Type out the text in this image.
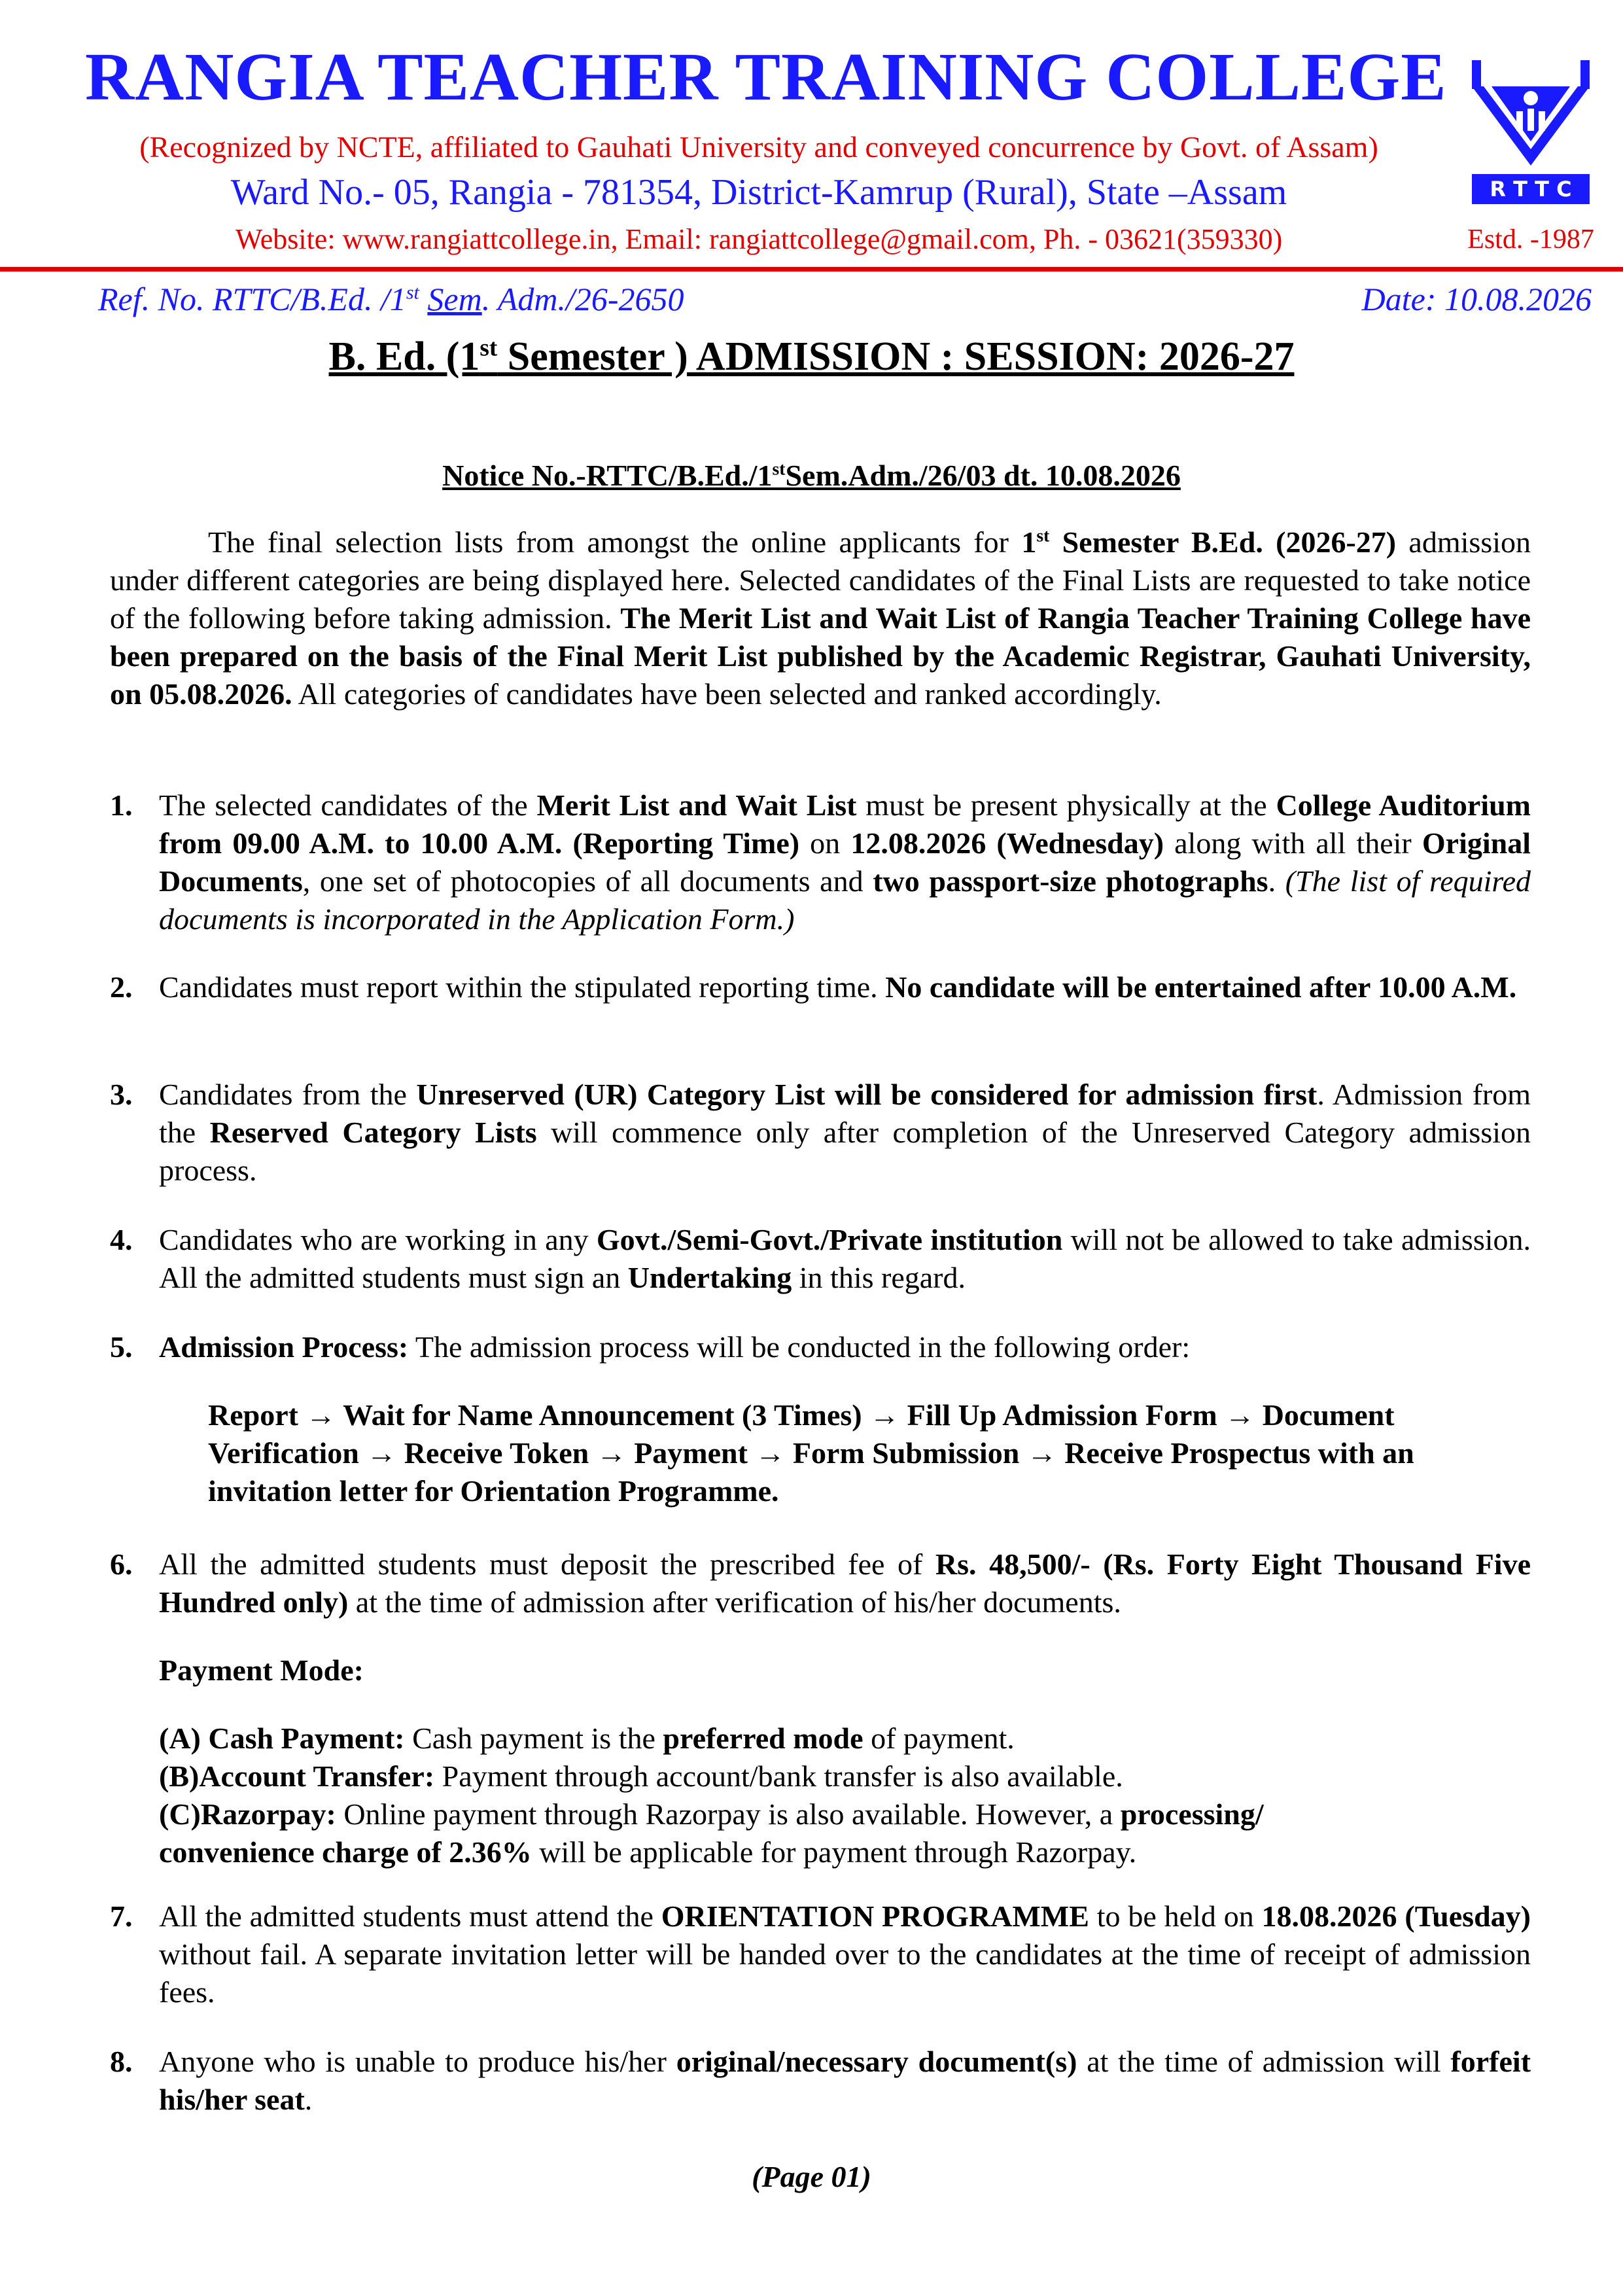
RANGIA TEACHER TRAINING COLLEGE
(Recognized by NCTE, affiliated to Gauhati University and conveyed concurrence by Govt. of Assam)
Ward No.- 05, Rangia - 781354, District-Kamrup (Rural), State –Assam
Website: www.rangiattcollege.in, Email: rangiattcollege@gmail.com, Ph. - 03621(359330)
R T T C
Estd. -1987
Ref. No. RTTC/B.Ed. /1st Sem. Adm./26-2650	Date: 10.08.2026
B. Ed. (1st Semester ) ADMISSION : SESSION: 2026-27
Notice No.-RTTC/B.Ed./1stSem.Adm./26/03 dt. 10.08.2026
The final selection lists from amongst the online applicants for 1st Semester B.Ed. (2026-27) admission under different categories are being displayed here. Selected candidates of the Final Lists are requested to take notice of the following before taking admission. The Merit List and Wait List of Rangia Teacher Training College have been prepared on the basis of the Final Merit List published by the Academic Registrar, Gauhati University, on 05.08.2026. All categories of candidates have been selected and ranked accordingly.
1. The selected candidates of the Merit List and Wait List must be present physically at the College Auditorium from 09.00 A.M. to 10.00 A.M. (Reporting Time) on 12.08.2026 (Wednesday) along with all their Original Documents, one set of photocopies of all documents and two passport-size photographs. (The list of required documents is incorporated in the Application Form.)
2. Candidates must report within the stipulated reporting time. No candidate will be entertained after 10.00 A.M.
3. Candidates from the Unreserved (UR) Category List will be considered for admission first. Admission from the Reserved Category Lists will commence only after completion of the Unreserved Category admission process.
4. Candidates who are working in any Govt./Semi-Govt./Private institution will not be allowed to take admission. All the admitted students must sign an Undertaking in this regard.
5. Admission Process: The admission process will be conducted in the following order:
Report → Wait for Name Announcement (3 Times) → Fill Up Admission Form → Document Verification → Receive Token → Payment → Form Submission → Receive Prospectus with an invitation letter for Orientation Programme.
6. All the admitted students must deposit the prescribed fee of Rs. 48,500/- (Rs. Forty Eight Thousand Five Hundred only) at the time of admission after verification of his/her documents.
Payment Mode:
(A) Cash Payment: Cash payment is the preferred mode of payment.
(B)Account Transfer: Payment through account/bank transfer is also available.
(C)Razorpay: Online payment through Razorpay is also available. However, a processing/ convenience charge of 2.36% will be applicable for payment through Razorpay.
7. All the admitted students must attend the ORIENTATION PROGRAMME to be held on 18.08.2026 (Tuesday) without fail. A separate invitation letter will be handed over to the candidates at the time of receipt of admission fees.
8. Anyone who is unable to produce his/her original/necessary document(s) at the time of admission will forfeit his/her seat.
(Page 01)
